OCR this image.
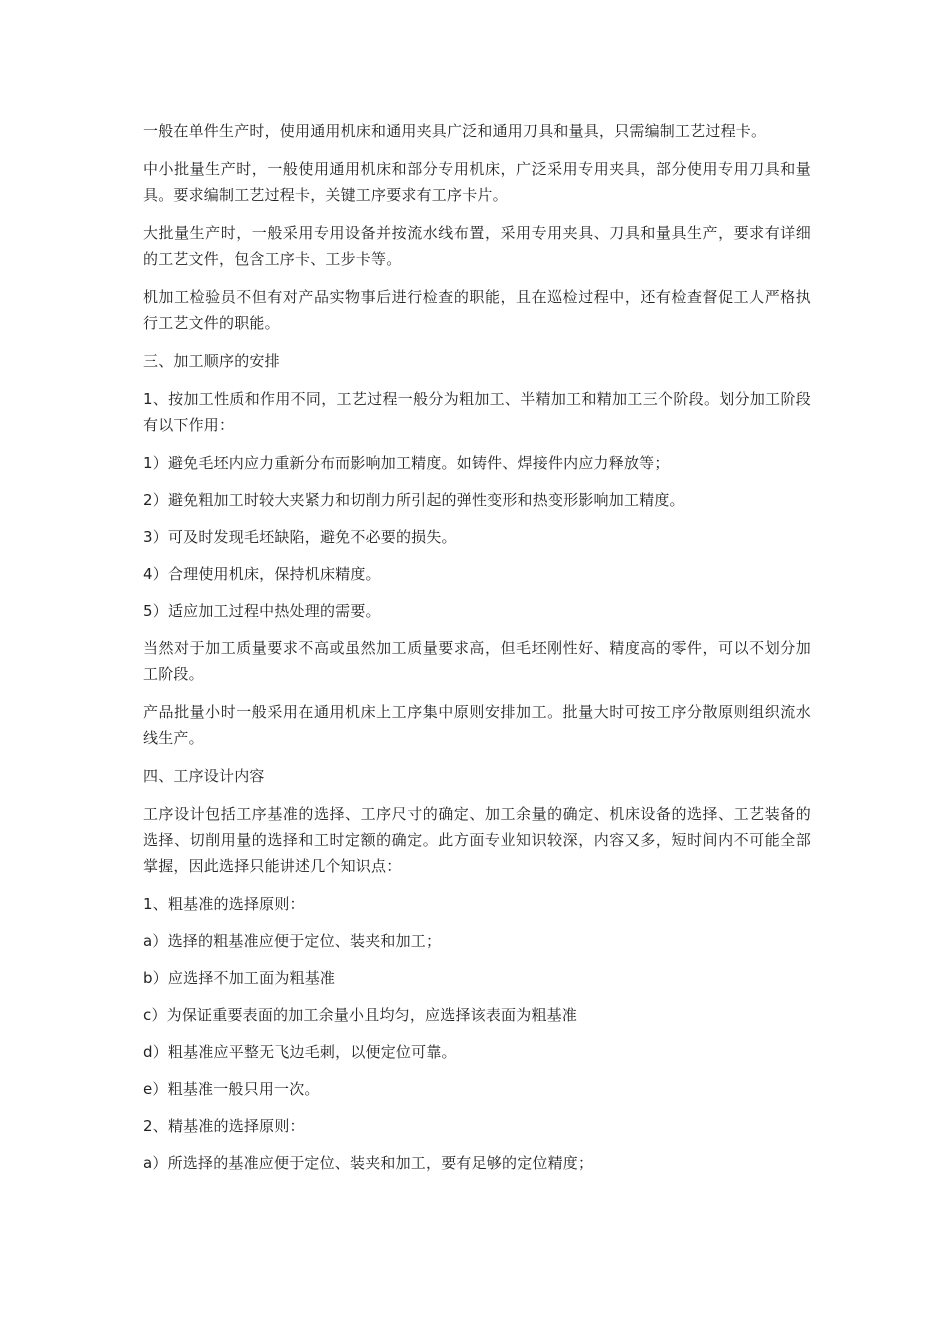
一般在单件生产时，使用通用机床和通用夹具广泛和通用刀具和量具，只需编制工艺过程卡。

中小批量生产时，一般使用通用机床和部分专用机床，广泛采用专用夹具，部分使用专用刀具和量具。要求编制工艺过程卡，关键工序要求有工序卡片。

大批量生产时，一般采用专用设备并按流水线布置，采用专用夹具、刀具和量具生产，要求有详细的工艺文件，包含工序卡、工步卡等。

机加工检验员不但有对产品实物事后进行检查的职能，且在巡检过程中，还有检查督促工人严格执行工艺文件的职能。

三、加工顺序的安排

1、按加工性质和作用不同，工艺过程一般分为粗加工、半精加工和精加工三个阶段。划分加工阶段有以下作用：

1）避免毛坯内应力重新分布而影响加工精度。如铸件、焊接件内应力释放等；

2）避免粗加工时较大夹紧力和切削力所引起的弹性变形和热变形影响加工精度。

3）可及时发现毛坯缺陷，避免不必要的损失。

4）合理使用机床，保持机床精度。

5）适应加工过程中热处理的需要。

当然对于加工质量要求不高或虽然加工质量要求高，但毛坯刚性好、精度高的零件，可以不划分加工阶段。

产品批量小时一般采用在通用机床上工序集中原则安排加工。批量大时可按工序分散原则组织流水线生产。

四、工序设计内容

工序设计包括工序基准的选择、工序尺寸的确定、加工余量的确定、机床设备的选择、工艺装备的选择、切削用量的选择和工时定额的确定。此方面专业知识较深，内容又多，短时间内不可能全部掌握，因此选择只能讲述几个知识点：

1、粗基准的选择原则：

a）选择的粗基准应便于定位、装夹和加工；

b）应选择不加工面为粗基准

c）为保证重要表面的加工余量小且均匀，应选择该表面为粗基准

d）粗基准应平整无飞边毛刺，以便定位可靠。

e）粗基准一般只用一次。

2、精基准的选择原则：

a）所选择的基准应便于定位、装夹和加工，要有足够的定位精度；
